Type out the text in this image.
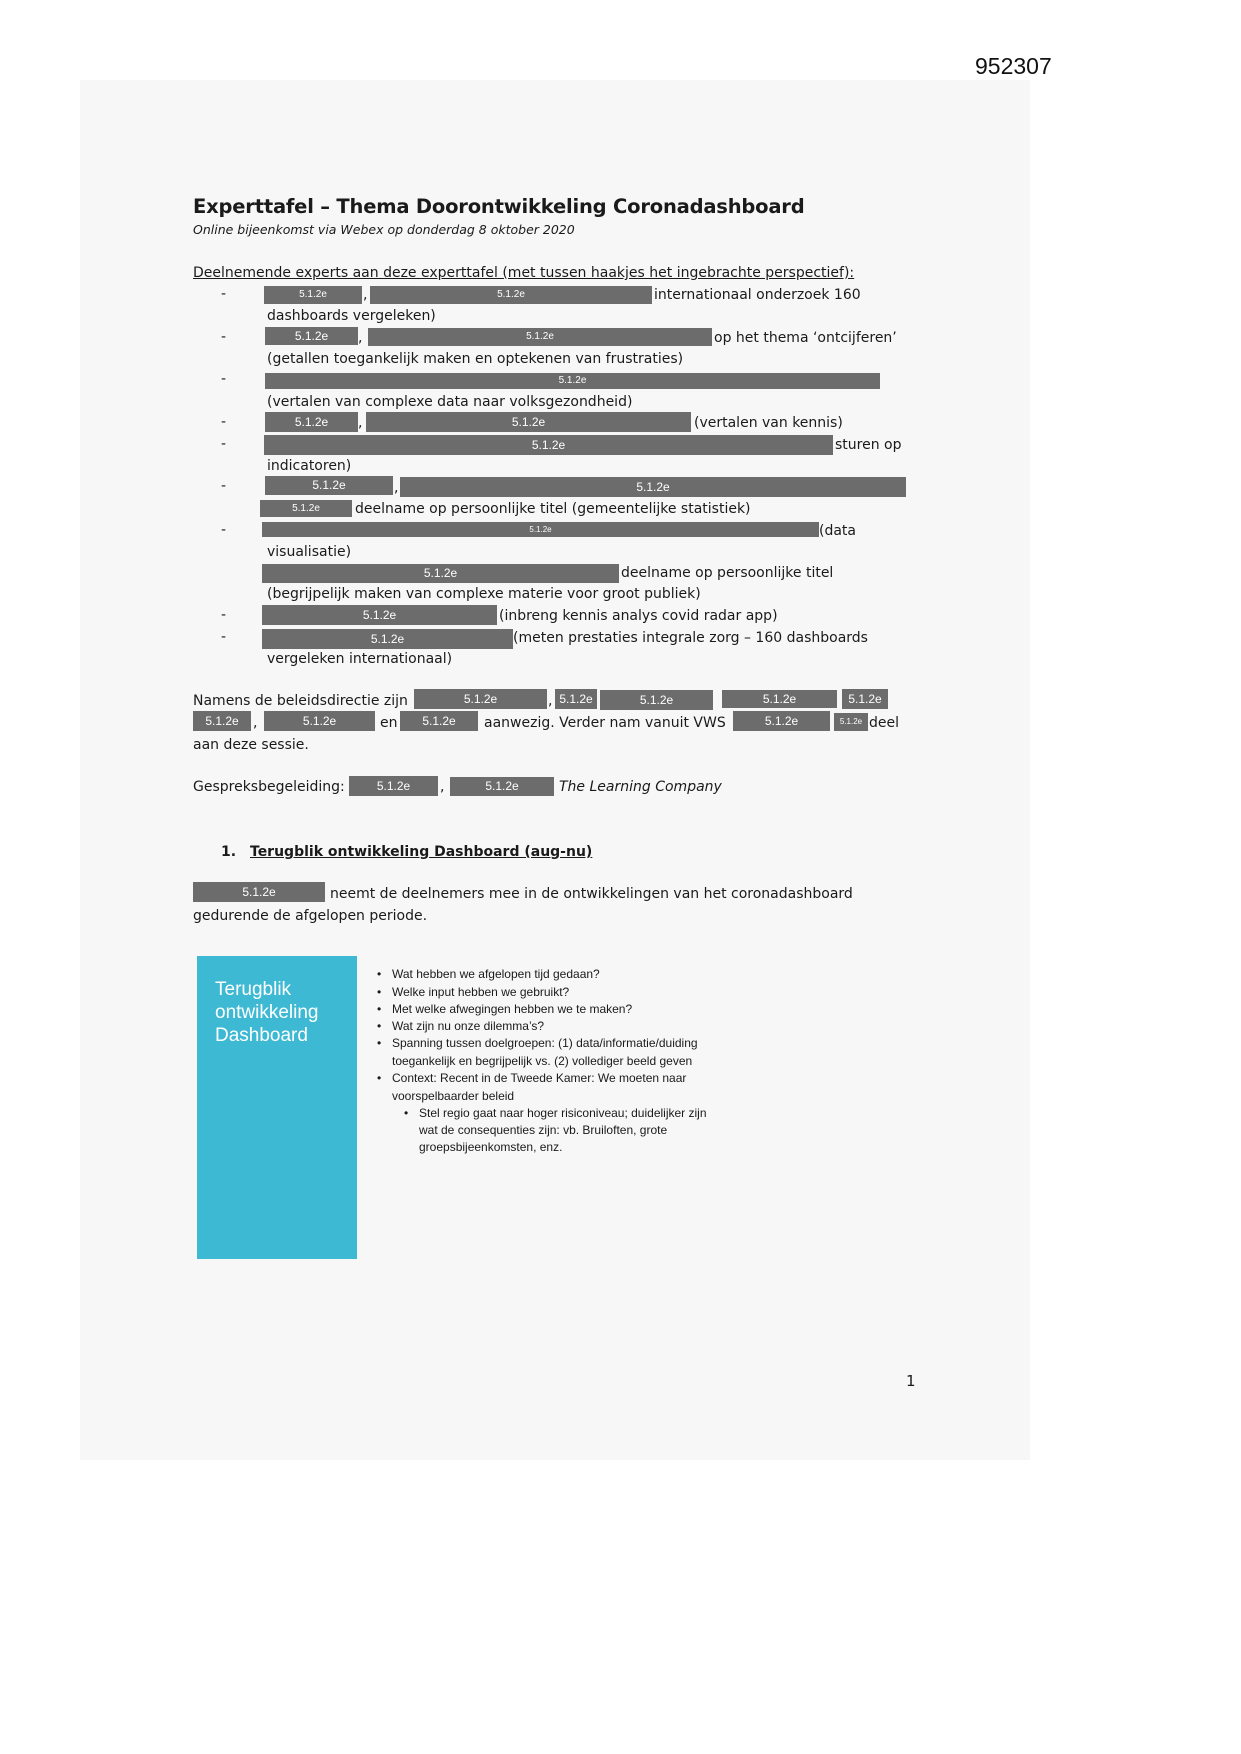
952307
Experttafel – Thema Doorontwikkeling Coronadashboard
Online bijeenkomst via Webex op donderdag 8 oktober 2020
Deelnemende experts aan deze experttafel (met tussen haakjes het ingebrachte perspectief):
-	5.1.2e	,	5.1.2e	internationaal onderzoek 160
dashboards vergeleken)
-	5.1.2e	,	5.1.2e	op het thema ‘ontcijferen’
(getallen toegankelijk maken en optekenen van frustraties)
-	5.1.2e
(vertalen van complexe data naar volksgezondheid)
-	5.1.2e	,	5.1.2e	(vertalen van kennis)
-	5.1.2e	sturen op
indicatoren)
-	5.1.2e	,	5.1.2e
5.1.2e	deelname op persoonlijke titel (gemeentelijke statistiek)
-	5.1.2e	(data
visualisatie)
5.1.2e	deelname op persoonlijke titel
(begrijpelijk maken van complexe materie voor groot publiek)
-	5.1.2e	(inbreng kennis analys covid radar app)
-	5.1.2e	(meten prestaties integrale zorg – 160 dashboards
vergeleken internationaal)
Namens de beleidsdirectie zijn	5.1.2e	, 5.1.2e	5.1.2e	5.1.2e	5.1.2e
5.1.2e	,	5.1.2e	en	5.1.2e	aanwezig. Verder nam vanuit VWS	5.1.2e	5.1.2e deel
aan deze sessie.
Gespreksbegeleiding:	5.1.2e	,	5.1.2e	The Learning Company
1. Terugblik ontwikkeling Dashboard (aug-nu)
5.1.2e	neemt de deelnemers mee in de ontwikkelingen van het coronadashboard
gedurende de afgelopen periode.
Terugblik
ontwikkeling
Dashboard
• Wat hebben we afgelopen tijd gedaan?
• Welke input hebben we gebruikt?
• Met welke afwegingen hebben we te maken?
• Wat zijn nu onze dilemma’s?
• Spanning tussen doelgroepen: (1) data/informatie/duiding
toegankelijk en begrijpelijk vs. (2) vollediger beeld geven
• Context: Recent in de Tweede Kamer: We moeten naar
voorspelbaarder beleid
• Stel regio gaat naar hoger risiconiveau; duidelijker zijn
wat de consequenties zijn: vb. Bruiloften, grote
groepsbijeenkomsten, enz.
1
